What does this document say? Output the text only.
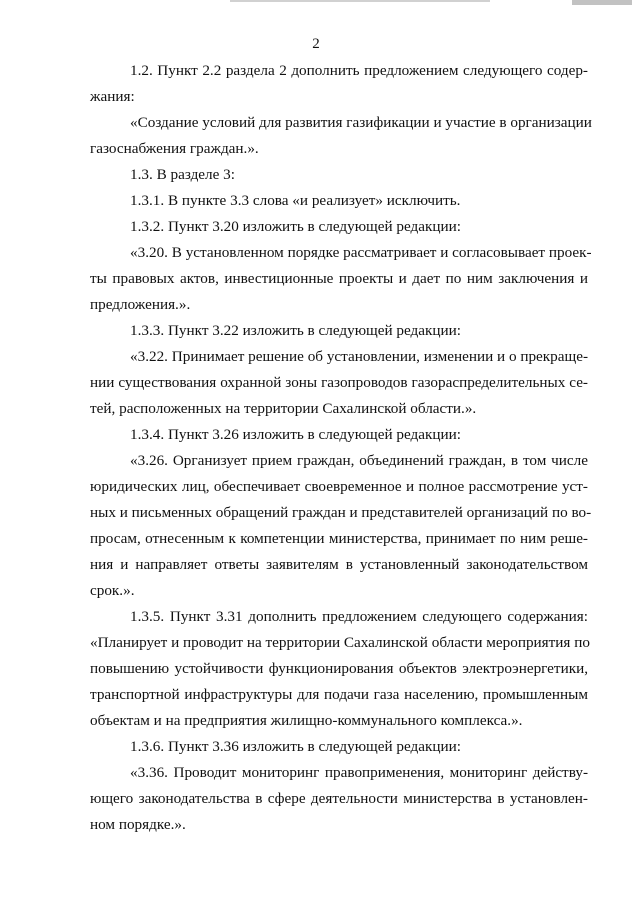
2
1.2. Пункт 2.2 раздела 2 дополнить предложением следующего содер-
жания:
«Создание условий для развития газификации и участие в организации
газоснабжения граждан.».
1.3. В разделе 3:
1.3.1. В пункте 3.3 слова «и реализует» исключить.
1.3.2. Пункт 3.20 изложить в следующей редакции:
«3.20. В установленном порядке рассматривает и согласовывает проек-
ты правовых актов, инвестиционные проекты и дает по ним заключения и
предложения.».
1.3.3. Пункт 3.22 изложить в следующей редакции:
«3.22. Принимает решение об установлении, изменении и о прекраще-
нии существования охранной зоны газопроводов газораспределительных се-
тей, расположенных на территории Сахалинской области.».
1.3.4. Пункт 3.26 изложить в следующей редакции:
«3.26. Организует прием граждан, объединений граждан, в том числе
юридических лиц, обеспечивает своевременное и полное рассмотрение уст-
ных и письменных обращений граждан и представителей организаций по во-
просам, отнесенным к компетенции министерства, принимает по ним реше-
ния и направляет ответы заявителям в установленный законодательством
срок.».
1.3.5. Пункт 3.31 дополнить предложением следующего содержания:
«Планирует и проводит на территории Сахалинской области мероприятия по
повышению устойчивости функционирования объектов электроэнергетики,
транспортной инфраструктуры для подачи газа населению, промышленным
объектам и на предприятия жилищно-коммунального комплекса.».
1.3.6. Пункт 3.36 изложить в следующей редакции:
«3.36. Проводит мониторинг правоприменения, мониторинг действу-
ющего законодательства в сфере деятельности министерства в установлен-
ном порядке.».
